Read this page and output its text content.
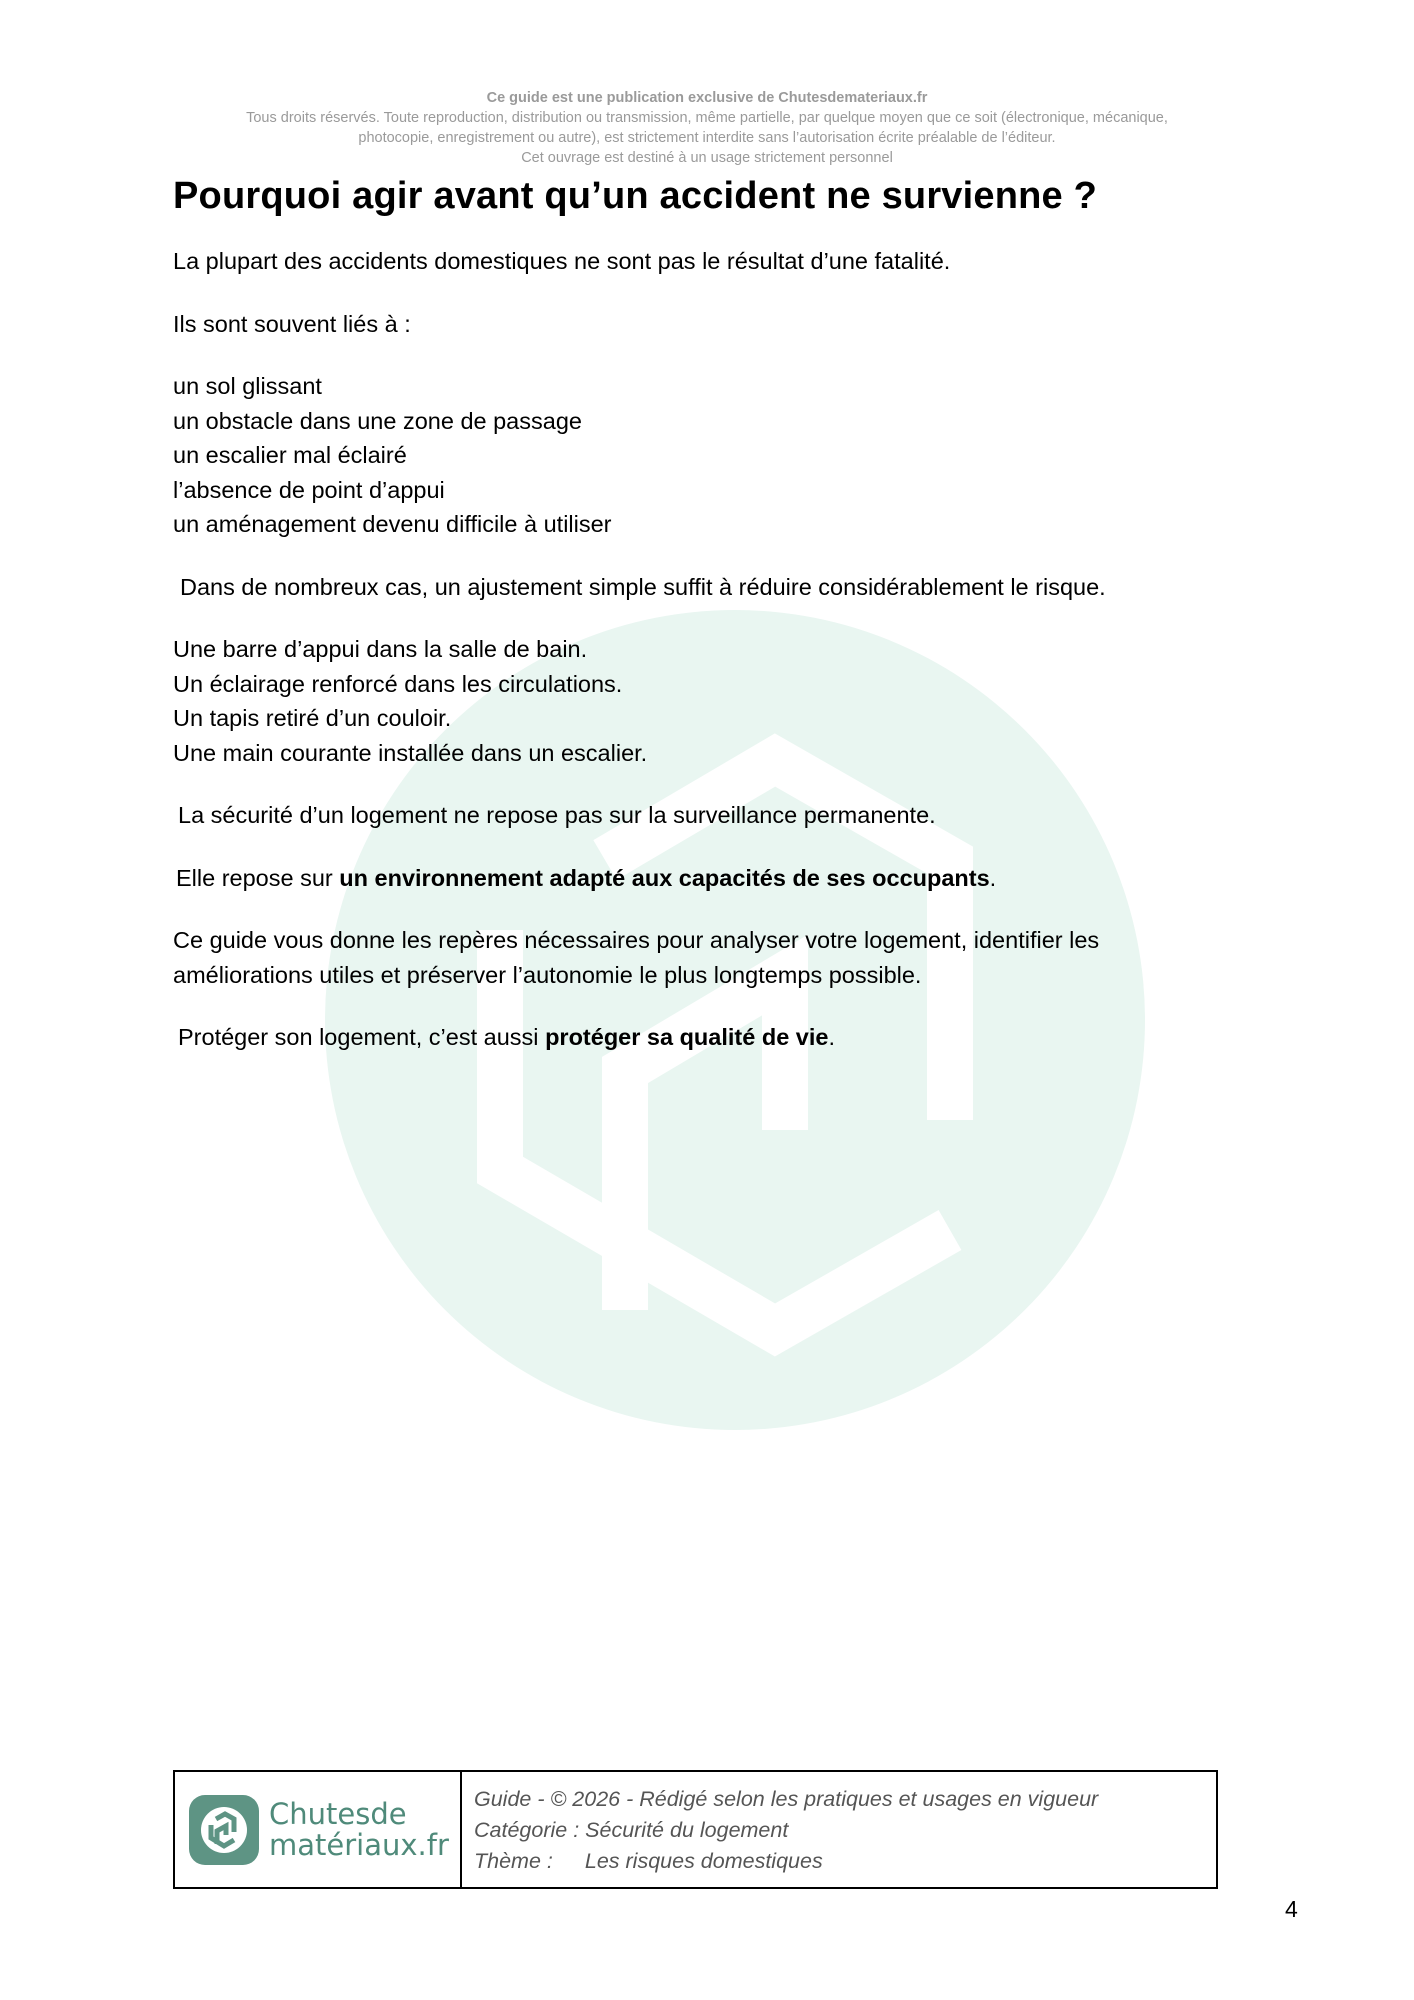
Ce guide est une publication exclusive de Chutesdemateriaux.fr
Tous droits réservés. Toute reproduction, distribution ou transmission, même partielle, par quelque moyen que ce soit (électronique, mécanique,
photocopie, enregistrement ou autre), est strictement interdite sans l’autorisation écrite préalable de l’éditeur.
Cet ouvrage est destiné à un usage strictement personnel
Pourquoi agir avant qu’un accident ne survienne ?

La plupart des accidents domestiques ne sont pas le résultat d’une fatalité.

Ils sont souvent liés à :

un sol glissant
un obstacle dans une zone de passage
un escalier mal éclairé
l’absence de point d’appui
un aménagement devenu difficile à utiliser

Dans de nombreux cas, un ajustement simple suffit à réduire considérablement le risque.

Une barre d’appui dans la salle de bain.
Un éclairage renforcé dans les circulations.
Un tapis retiré d’un couloir.
Une main courante installée dans un escalier.

La sécurité d’un logement ne repose pas sur la surveillance permanente.

Elle repose sur un environnement adapté aux capacités de ses occupants.

Ce guide vous donne les repères nécessaires pour analyser votre logement, identifier les
améliorations utiles et préserver l’autonomie le plus longtemps possible.

Protéger son logement, c’est aussi protéger sa qualité de vie.

Chutesde
matériaux.fr
Guide - © 2026 - Rédigé selon les pratiques et usages en vigueur
Catégorie : Sécurité du logement
Thème : Les risques domestiques
4
